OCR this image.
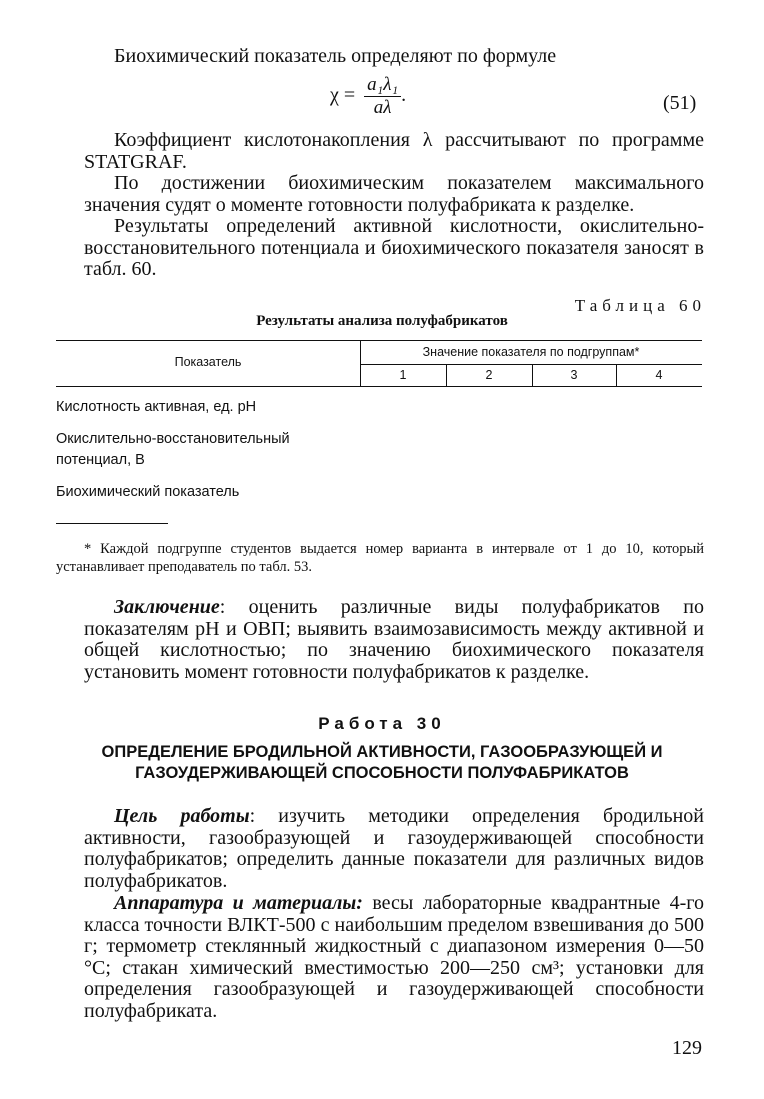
Биохимический показатель определяют по формуле
$\chi = \frac{\text{a₁λ₁}}{a\lambda}$ .	(51)
Коэффициент кислотонакопления λ рассчитывают по программе STATGRAF.
По достижении биохимическим показателем максимального значения судят о моменте готовности полуфабриката к разделке.
Результаты определений активной кислотности, окислительно-восстановительного потенциала и биохимического показателя заносят в табл. 60.
Таблица 60
Результаты анализа полуфабрикатов
Показатель
Значение показателя по подгруппам*
1	2	3	4
Кислотность активная, ед. pH
Окислительно-восстановительный потенциал, В
Биохимический показатель
* Каждой подгруппе студентов выдается номер варианта в интервале от 1 до 10, который устанавливает преподаватель по табл. 53.
Заключение: оценить различные виды полуфабрикатов по показателям pH и ОВП; выявить взаимозависимость между активной и общей кислотностью; по значению биохимического показателя установить момент готовности полуфабрикатов к разделке.
Работа 30
ОПРЕДЕЛЕНИЕ БРОДИЛЬНОЙ АКТИВНОСТИ, ГАЗООБРАЗУЮЩЕЙ И ГАЗОУДЕРЖИВАЮЩЕЙ СПОСОБНОСТИ ПОЛУФАБРИКАТОВ
Цель работы: изучить методики определения бродильной активности, газообразующей и газоудерживающей способности полуфабрикатов; определить данные показатели для различных видов полуфабрикатов.
Аппаратура и материалы: весы лабораторные квадрантные 4-го класса точности ВЛКТ-500 с наибольшим пределом взвешивания до 500 г; термометр стеклянный жидкостный с диапазоном измерения 0—50 °С; стакан химический вместимостью 200—250 см³; установки для определения газообразующей и газоудерживающей способности полуфабриката.
129
